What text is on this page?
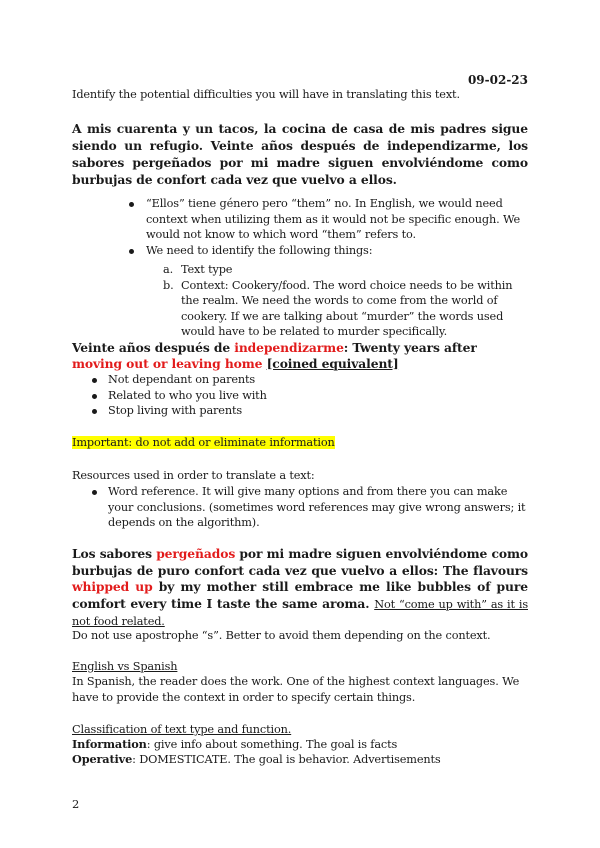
09-02-23
Identify the potential difficulties you will have in translating this text.
A mis cuarenta y un tacos, la cocina de casa de mis padres sigue siendo un refugio. Veinte años después de independizarme, los sabores pergeñados por mi madre siguen envolviéndome como burbujas de confort cada vez que vuelvo a ellos.
“Ellos” tiene género pero “them” no. In English, we would need context when utilizing them as it would not be specific enough. We would not know to which word “them” refers to.
We need to identify the following things:
a. Text type
b. Context: Cookery/food. The word choice needs to be within the realm. We need the words to come from the world of cookery. If we are talking about “murder” the words used would have to be related to murder specifically.
Veinte años después de independizarme: Twenty years after moving out or leaving home [coined equivalent]
Not dependant on parents
Related to who you live with
Stop living with parents
Important: do not add or eliminate information
Resources used in order to translate a text:
Word reference. It will give many options and from there you can make your conclusions. (sometimes word references may give wrong answers; it depends on the algorithm).
Los sabores pergeñados por mi madre siguen envolviéndome como burbujas de puro confort cada vez que vuelvo a ellos: The flavours whipped up by my mother still embrace me like bubbles of pure comfort every time I taste the same aroma. Not “come up with” as it is not food related.
Do not use apostrophe “s”. Better to avoid them depending on the context.
English vs Spanish
In Spanish, the reader does the work. One of the highest context languages. We have to provide the context in order to specify certain things.
Classification of text type and function.
Information: give info about something. The goal is facts
Operative: DOMESTICATE. The goal is behavior. Advertisements
2
